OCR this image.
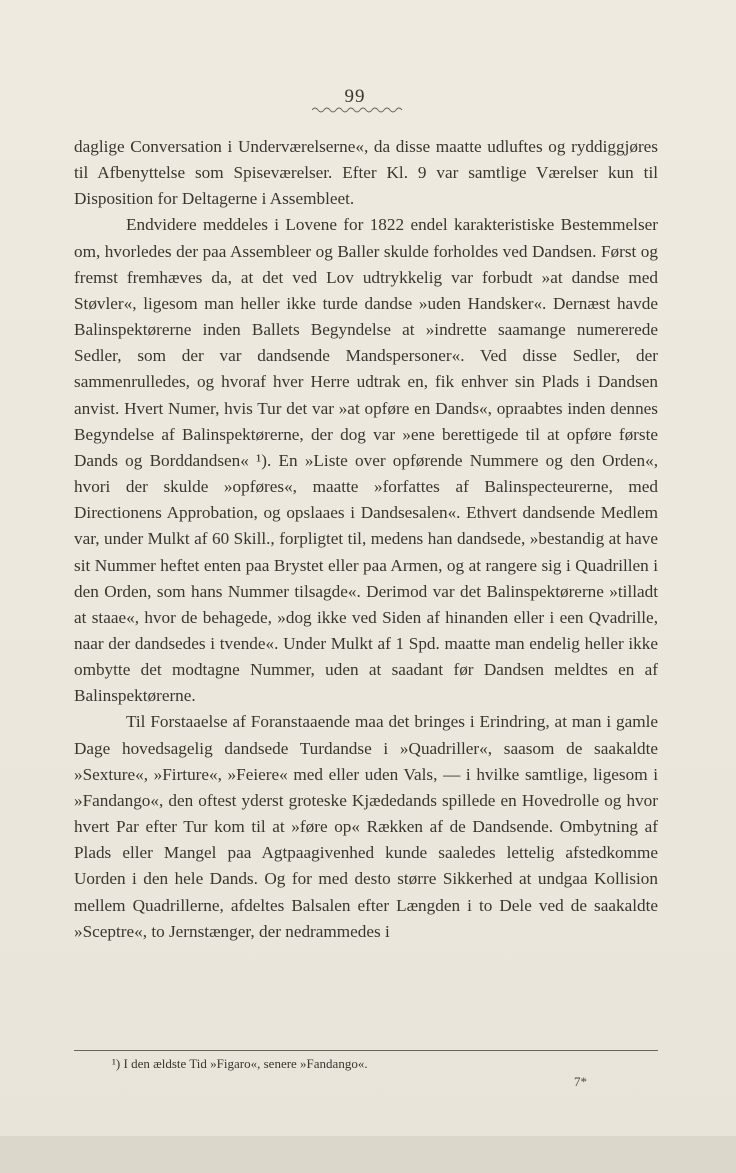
99

daglige Conversation i Underværelserne«, da disse maatte udluftes og ryddiggjøres til Afbenyttelse som Spiseværelser. Efter Kl. 9 var samtlige Værelser kun til Disposition for Deltagerne i Assembleet.

Endvidere meddeles i Lovene for 1822 endel karakteristiske Bestemmelser om, hvorledes der paa Assembleer og Baller skulde forholdes ved Dandsen. Først og fremst fremhæves da, at det ved Lov udtrykkelig var forbudt »at dandse med Støvler«, ligesom man heller ikke turde dandse »uden Handsker«. Dernæst havde Balinspektørerne inden Ballets Begyndelse at »indrette saamange numererede Sedler, som der var dandsende Mandspersoner«. Ved disse Sedler, der sammenrulledes, og hvoraf hver Herre udtrak en, fik enhver sin Plads i Dandsen anvist. Hvert Numer, hvis Tur det var »at opføre en Dands«, opraabtes inden dennes Begyndelse af Balinspektørerne, der dog var »ene berettigede til at opføre første Dands og Borddandsen« ¹). En »Liste over opførende Nummere og den Orden«, hvori der skulde »opføres«, maatte »forfattes af Balinspecteurerne, med Directionens Approbation, og opslaaes i Dandsesalen«. Ethvert dandsende Medlem var, under Mulkt af 60 Skill., forpligtet til, medens han dandsede, »bestandig at have sit Nummer heftet enten paa Brystet eller paa Armen, og at rangere sig i Quadrillen i den Orden, som hans Nummer tilsagde«. Derimod var det Balinspektørerne »tilladt at staae«, hvor de behagede, »dog ikke ved Siden af hinanden eller i een Qvadrille, naar der dandsedes i tvende«. Under Mulkt af 1 Spd. maatte man endelig heller ikke ombytte det modtagne Nummer, uden at saadant før Dandsen meldtes en af Balinspektørerne.

Til Forstaaelse af Foranstaaende maa det bringes i Erindring, at man i gamle Dage hovedsagelig dandsede Turdandse i »Quadriller«, saasom de saakaldte »Sexture«, »Firture«, »Feiere« med eller uden Vals, — i hvilke samtlige, ligesom i »Fandango«, den oftest yderst groteske Kjædedands spillede en Hovedrolle og hvor hvert Par efter Tur kom til at »føre op« Rækken af de Dandsende. Ombytning af Plads eller Mangel paa Agtpaagivenhed kunde saaledes lettelig afstedkomme Uorden i den hele Dands. Og for med desto større Sikkerhed at undgaa Kollision mellem Quadrillerne, afdeltes Balsalen efter Længden i to Dele ved de saakaldte »Sceptre«, to Jernstænger, der nedrammedes i

¹) I den ældste Tid »Figaro«, senere »Fandango«.
7*
